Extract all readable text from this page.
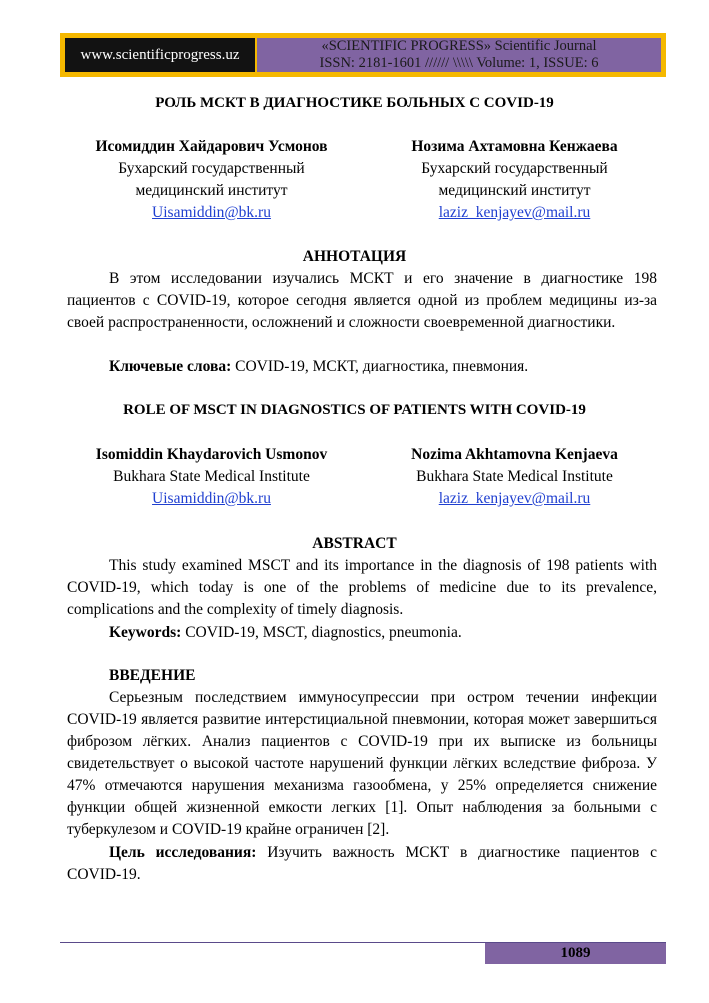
www.scientificprogress.uz
«SCIENTIFIC PROGRESS» Scientific Journal
ISSN: 2181-1601 ////// \\\\\ Volume: 1, ISSUE: 6
РОЛЬ МСКТ В ДИАГНОСТИКЕ БОЛЬНЫХ С COVID-19
Исомиддин Хайдарович Усмонов
Бухарский государственный
медицинский институт
Uisamiddin@bk.ru
Нозима Ахтамовна Кенжаева
Бухарский государственный
медицинский институт
laziz_kenjayev@mail.ru
АННОТАЦИЯ

В этом исследовании изучались МСКТ и его значение в диагностике 198 пациентов с COVID-19, которое сегодня является одной из проблем медицины из-за своей распространенности, осложнений и сложности своевременной диагностики.

Ключевые слова: COVID-19, МСКТ, диагностика, пневмония.
ROLE OF MSCT IN DIAGNOSTICS OF PATIENTS WITH COVID-19
Isomiddin Khaydarovich Usmonov
Bukhara State Medical Institute
Uisamiddin@bk.ru
Nozima Akhtamovna Kenjaeva
Bukhara State Medical Institute
laziz_kenjayev@mail.ru
ABSTRACT

This study examined MSCT and its importance in the diagnosis of 198 patients with COVID-19, which today is one of the problems of medicine due to its prevalence, complications and the complexity of timely diagnosis.

Keywords: COVID-19, MSCT, diagnostics, pneumonia.
ВВЕДЕНИЕ

Серьезным последствием иммуносупрессии при остром течении инфекции COVID-19 является развитие интерстициальной пневмонии, которая может завершиться фиброзом лёгких. Анализ пациентов с COVID-19 при их выписке из больницы свидетельствует о высокой частоте нарушений функции лёгких вследствие фиброза. У 47% отмечаются нарушения механизма газообмена, у 25% определяется снижение функции общей жизненной емкости легких [1]. Опыт наблюдения за больными с туберкулезом и COVID-19 крайне ограничен [2].

Цель исследования: Изучить важность МСКТ в диагностике пациентов с COVID-19.

1089
